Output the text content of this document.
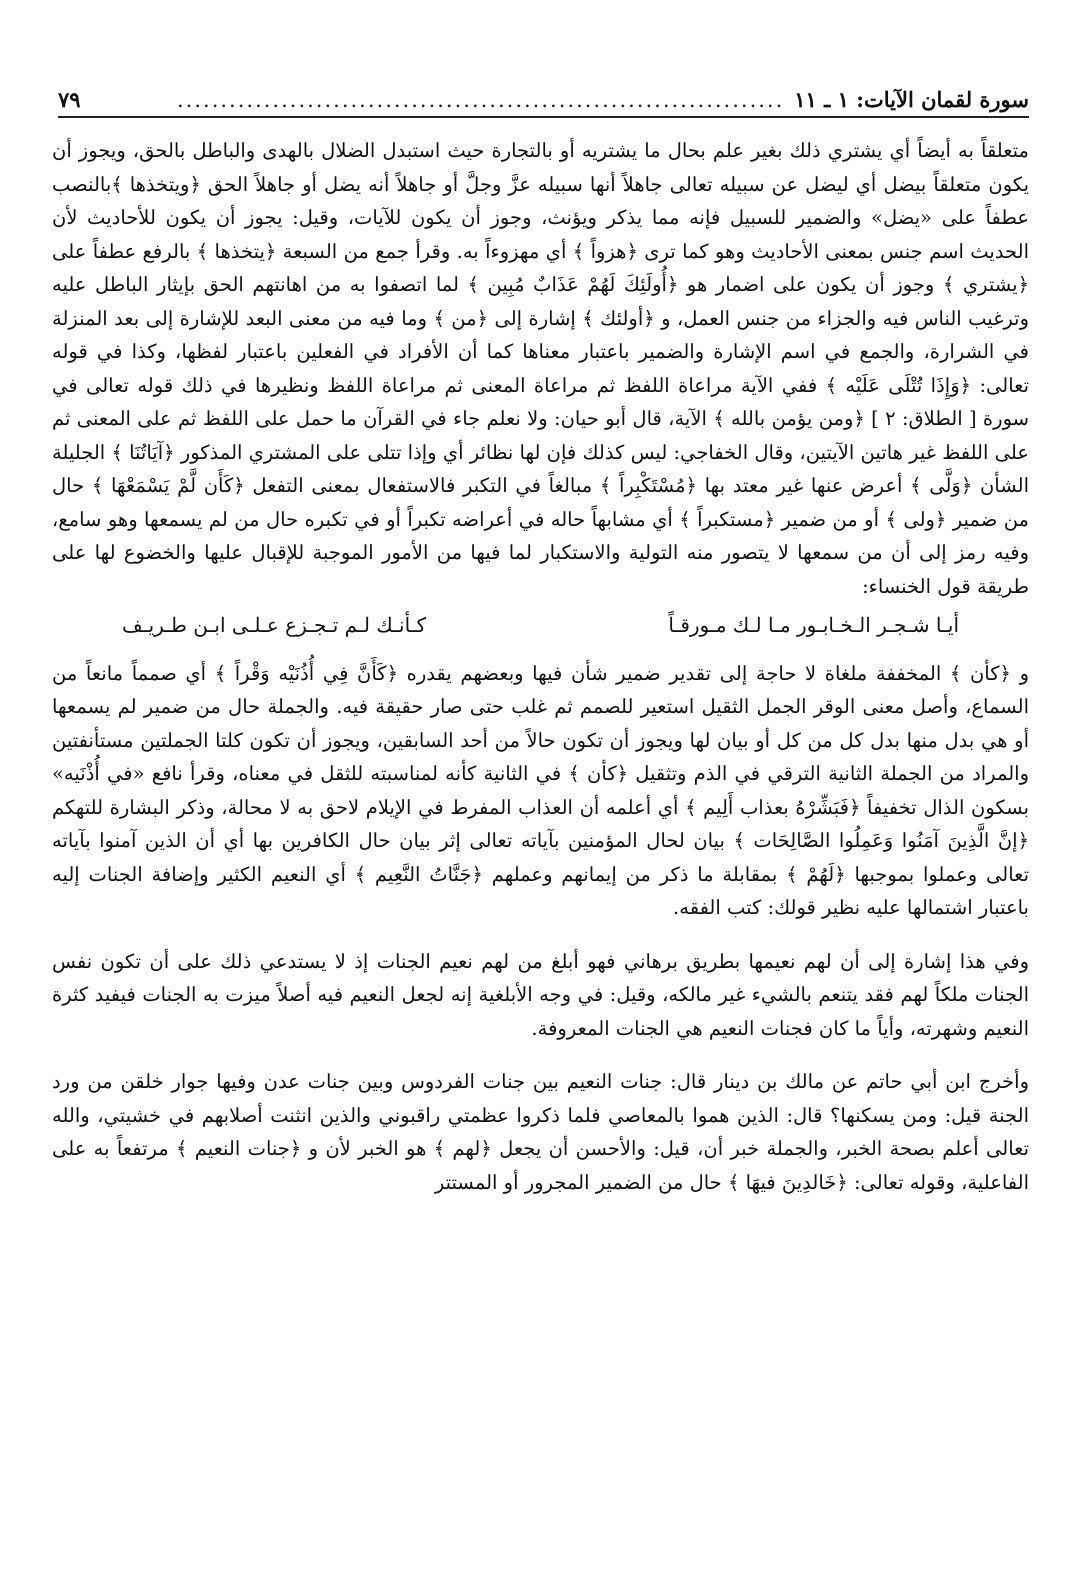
سورة لقمان الآيات: ١ ـ ١١
......................................................................
٧٩

متعلقاً به أيضاً أي يشتري ذلك بغير علم بحال ما يشتريه أو بالتجارة حيث استبدل الضلال بالهدى والباطل بالحق، ويجوز أن يكون متعلقاً بيضل أي ليضل عن سبيله تعالى جاهلاً أنها سبيله عزَّ وجلَّ أو جاهلاً أنه يضل أو جاهلاً الحق ﴿ويتخذها ﴾بالنصب عطفاً على «يضل» والضمير للسبيل فإنه مما يذكر ويؤنث، وجوز أن يكون للآيات، وقيل: يجوز أن يكون للأحاديث لأن الحديث اسم جنس بمعنى الأحاديث وهو كما ترى ﴿هزواً ﴾ أي مهزوءاً به. وقرأ جمع من السبعة ﴿يتخذها ﴾ بالرفع عطفاً على ﴿يشتري ﴾ وجوز أن يكون على اضمار هو ﴿أُولَئِكَ لَهُمْ عَذَابٌ مُبِين ﴾ لما اتصفوا به من اهانتهم الحق بإيثار الباطل عليه وترغيب الناس فيه والجزاء من جنس العمل، و ﴿أولئك ﴾ إشارة إلى ﴿من ﴾ وما فيه من معنى البعد للإشارة إلى بعد المنزلة في الشرارة، والجمع في اسم الإشارة والضمير باعتبار معناها كما أن الأفراد في الفعلين باعتبار لفظها، وكذا في قوله تعالى: ﴿وَإِذَا تُتْلَى عَلَيْه ﴾ ففي الآية مراعاة اللفظ ثم مراعاة المعنى ثم مراعاة اللفظ ونظيرها في ذلك قوله تعالى في سورة [ الطلاق: ٢ ] ﴿ومن يؤمن بالله ﴾ الآية، قال أبو حيان: ولا نعلم جاء في القرآن ما حمل على اللفظ ثم على المعنى ثم على اللفظ غير هاتين الآيتين، وقال الخفاجي: ليس كذلك فإن لها نظائر أي وإذا تتلى على المشتري المذكور ﴿آيَاتُنَا ﴾ الجليلة الشأن ﴿وَلَّى ﴾ أعرض عنها غير معتد بها ﴿مُسْتَكْبِراً ﴾ مبالغاً في التكبر فالاستفعال بمعنى التفعل ﴿كَأَن لَّمْ يَسْمَعْهَا ﴾ حال من ضمير ﴿ولى ﴾ أو من ضمير ﴿مستكبراً ﴾ أي مشابهاً حاله في أعراضه تكبراً أو في تكبره حال من لم يسمعها وهو سامع، وفيه رمز إلى أن من سمعها لا يتصور منه التولية والاستكبار لما فيها من الأمور الموجبة للإقبال عليها والخضوع لها على طريقة قول الخنساء:

أيـا شـجـر الـخـابـور مـا لـك مـورقـاً
كـأنـك لـم تـجـزع عـلـى ابـن طـريـف

و ﴿كأن ﴾ المخففة ملغاة لا حاجة إلى تقدير ضمير شأن فيها وبعضهم يقدره ﴿كَأَنَّ فِي أُذُنَيْه وَقْراً ﴾ أي صمماً مانعاً من السماع، وأصل معنى الوقر الجمل الثقيل استعير للصمم ثم غلب حتى صار حقيقة فيه. والجملة حال من ضمير لم يسمعها أو هي بدل منها بدل كل من كل أو بيان لها ويجوز أن تكون حالاً من أحد السابقين، ويجوز أن تكون كلتا الجملتين مستأنفتين والمراد من الجملة الثانية الترقي في الذم وتثقيل ﴿كأن ﴾ في الثانية كأنه لمناسبته للثقل في معناه، وقرأ نافع «في أُذْنَيه» بسكون الذال تخفيفاً ﴿فَبَشِّرْهُ بعذاب أَلِيم ﴾ أي أعلمه أن العذاب المفرط في الإيلام لاحق به لا محالة، وذكر البشارة للتهكم ﴿إنَّ الَّذِينَ آمَنُوا وَعَمِلُوا الصَّالِحَات ﴾ بيان لحال المؤمنين بآياته تعالى إثر بيان حال الكافرين بها أي أن الذين آمنوا بآياته تعالى وعملوا بموجبها ﴿لَهُمْ ﴾ بمقابلة ما ذكر من إيمانهم وعملهم ﴿جَنَّاتُ النَّعِيم ﴾ أي النعيم الكثير وإضافة الجنات إليه باعتبار اشتمالها عليه نظير قولك: كتب الفقه.

وفي هذا إشارة إلى أن لهم نعيمها بطريق برهاني فهو أبلغ من لهم نعيم الجنات إذ لا يستدعي ذلك على أن تكون نفس الجنات ملكاً لهم فقد يتنعم بالشيء غير مالكه، وقيل: في وجه الأبلغية إنه لجعل النعيم فيه أصلاً ميزت به الجنات فيفيد كثرة النعيم وشهرته، وأياً ما كان فجنات النعيم هي الجنات المعروفة.

وأخرج ابن أبي حاتم عن مالك بن دينار قال: جنات النعيم بين جنات الفردوس وبين جنات عدن وفيها جوار خلقن من ورد الجنة قيل: ومن يسكنها؟ قال: الذين هموا بالمعاصي فلما ذكروا عظمتي راقبوني والذين انثنت أصلابهم في خشيتي، والله تعالى أعلم بصحة الخبر، والجملة خبر أن، قيل: والأحسن أن يجعل ﴿لهم ﴾ هو الخبر لأن و ﴿جنات النعيم ﴾ مرتفعاً به على الفاعلية، وقوله تعالى: ﴿خَالدِينَ فيهَا ﴾ حال من الضمير المجرور أو المستتر
